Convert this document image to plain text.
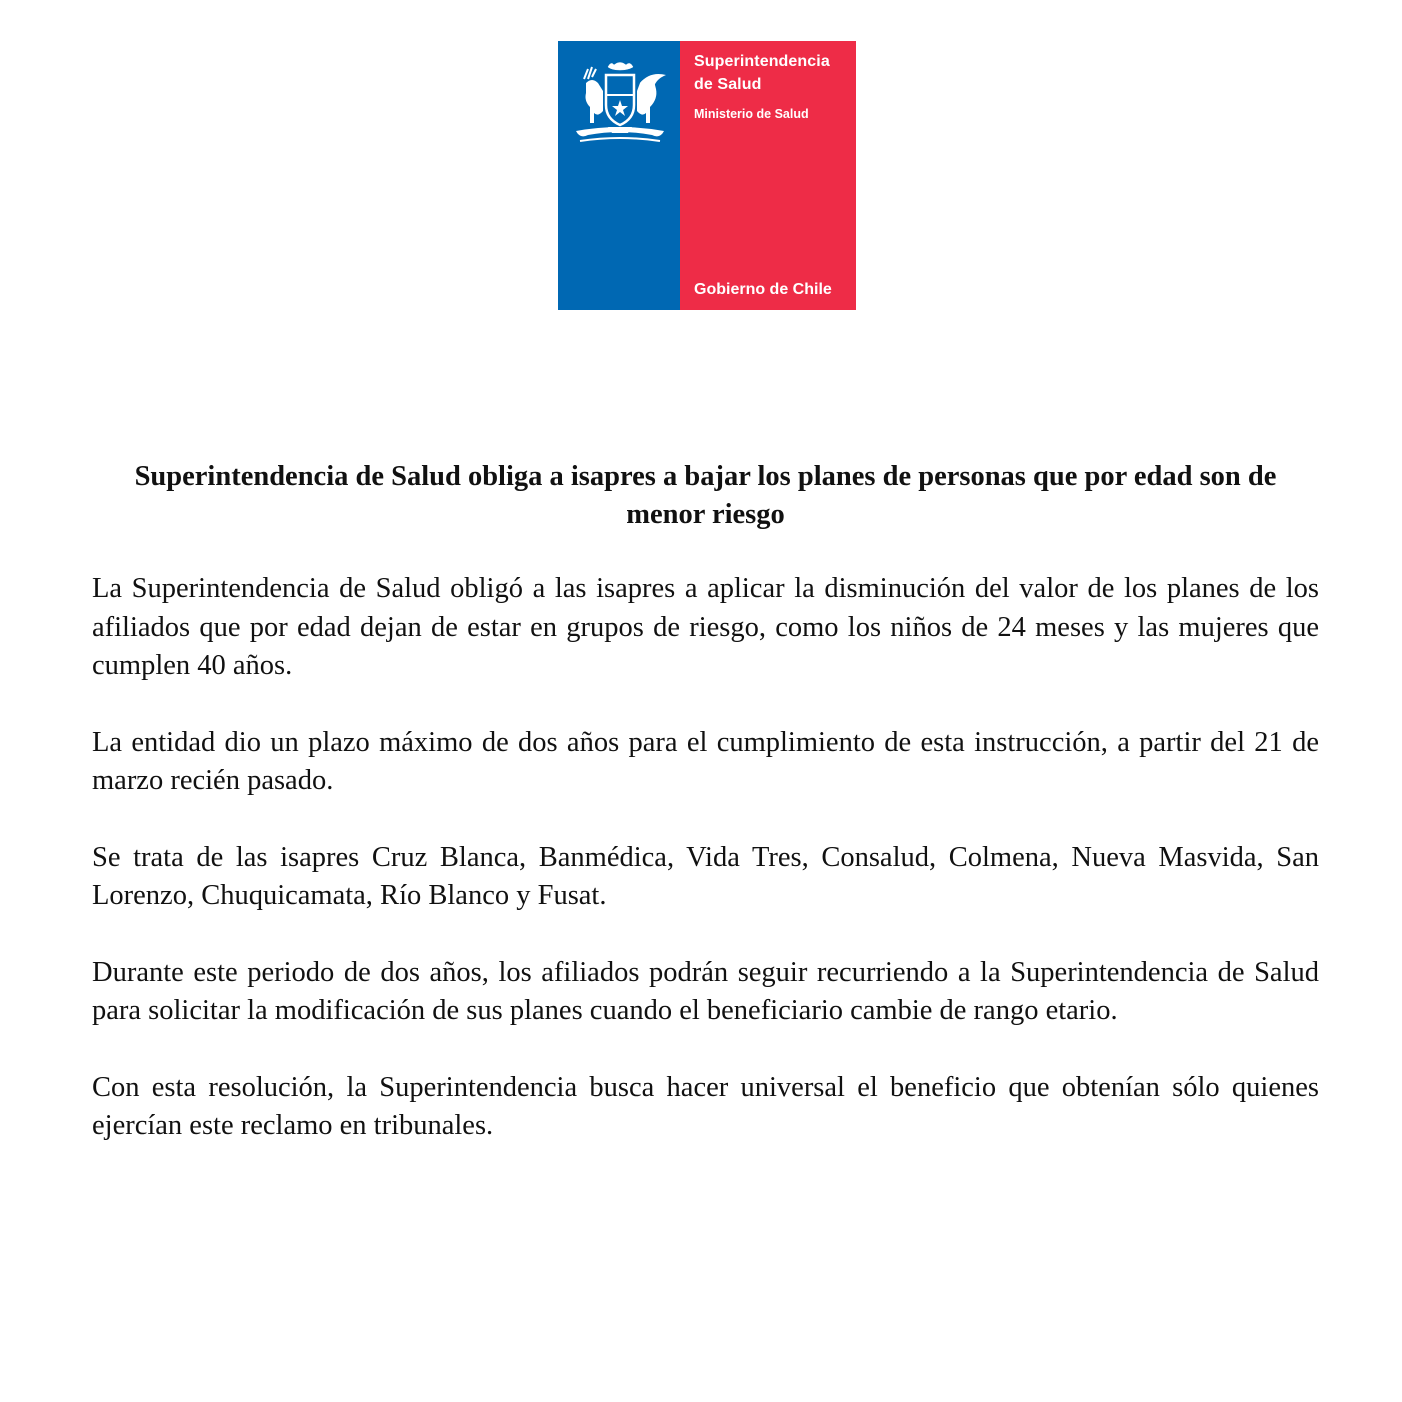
Superintendencia
de Salud
Ministerio de Salud
Gobierno de Chile
Superintendencia de Salud obliga a isapres a bajar los planes de personas que por edad son de menor riesgo

La Superintendencia de Salud obligó a las isapres a aplicar la disminución del valor de los planes de los afiliados que por edad dejan de estar en grupos de riesgo, como los niños de 24 meses y las mujeres que cumplen 40 años.

La entidad dio un plazo máximo de dos años para el cumplimiento de esta instrucción, a partir del 21 de marzo recién pasado.

Se trata de las isapres Cruz Blanca, Banmédica, Vida Tres, Consalud, Colmena, Nueva Masvida, San Lorenzo, Chuquicamata, Río Blanco y Fusat.

Durante este periodo de dos años, los afiliados podrán seguir recurriendo a la Superintendencia de Salud para solicitar la modificación de sus planes cuando el beneficiario cambie de rango etario.

Con esta resolución, la Superintendencia busca hacer universal el beneficio que obtenían sólo quienes ejercían este reclamo en tribunales.
